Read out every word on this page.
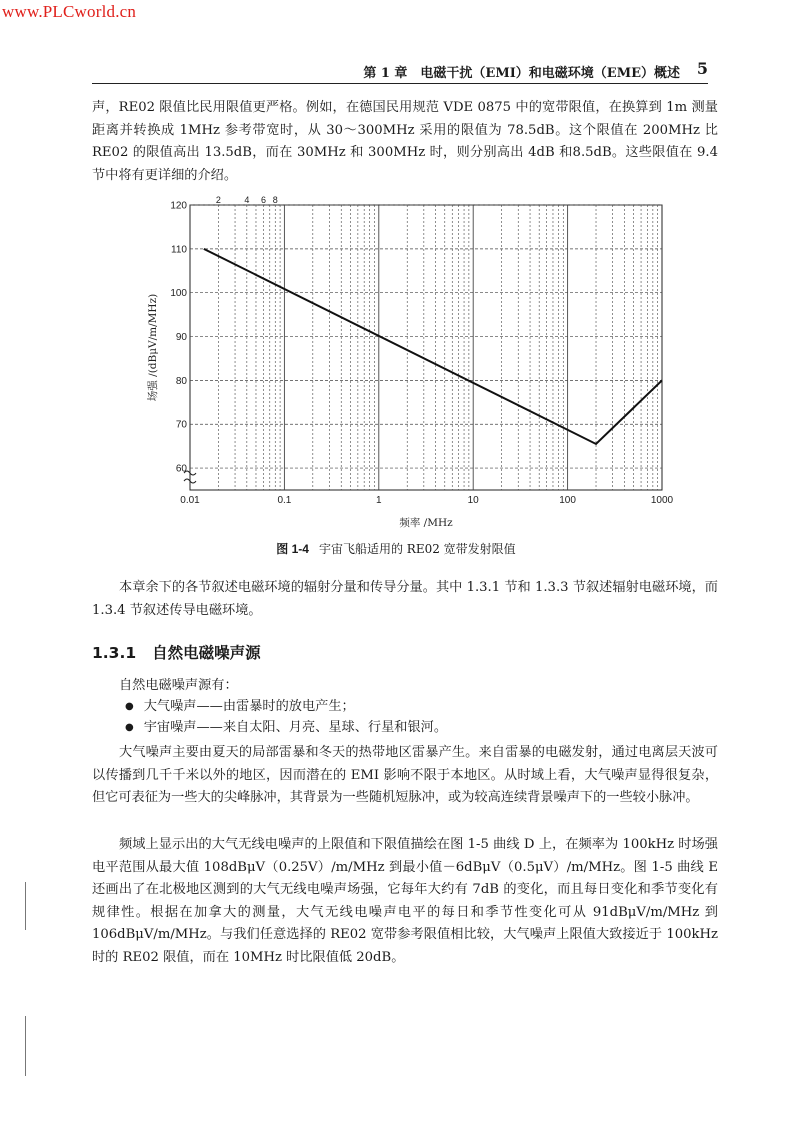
www.PLCworld.cn
第 1 章　电磁干扰（EMI）和电磁环境（EME）概述 5

声，RE02 限值比民用限值更严格。例如，在德国民用规范 VDE 0875 中的宽带限值，在换算到 1m 测量距离并转换成 1MHz 参考带宽时，从 30～300MHz 采用的限值为 78.5dB。这个限值在 200MHz 比 RE02 的限值高出 13.5dB，而在 30MHz 和 300MHz 时，则分别高出 4dB 和8.5dB。这些限值在 9.4 节中将有更详细的介绍。

60
70
80
90
100
110
120
0.01	0.1	1	10	100	1000
2	4 6 8
频率 /MHz
场强 /(dBμV/m/MHz)
图 1-4 宇宙飞船适用的 RE02 宽带发射限值

本章余下的各节叙述电磁环境的辐射分量和传导分量。其中 1.3.1 节和 1.3.3 节叙述辐射电磁环境，而 1.3.4 节叙述传导电磁环境。

1.3.1 自然电磁噪声源

自然电磁噪声源有：

● 大气噪声——由雷暴时的放电产生；
● 宇宙噪声——来自太阳、月亮、星球、行星和银河。

大气噪声主要由夏天的局部雷暴和冬天的热带地区雷暴产生。来自雷暴的电磁发射，通过电离层天波可以传播到几千千米以外的地区，因而潜在的 EMI 影响不限于本地区。从时域上看，大气噪声显得很复杂，但它可表征为一些大的尖峰脉冲，其背景为一些随机短脉冲，或为较高连续背景噪声下的一些较小脉冲。

频域上显示出的大气无线电噪声的上限值和下限值描绘在图 1-5 曲线 D 上，在频率为 100kHz 时场强电平范围从最大值 108dBμV（0.25V）/m/MHz 到最小值－6dBμV（0.5μV）/m/MHz。图 1-5 曲线 E 还画出了在北极地区测到的大气无线电噪声场强，它每年大约有 7dB 的变化，而且每日变化和季节变化有规律性。根据在加拿大的测量，大气无线电噪声电平的每日和季节性变化可从 91dBμV/m/MHz 到 106dBμV/m/MHz。与我们任意选择的 RE02 宽带参考限值相比较，大气噪声上限值大致接近于 100kHz 时的 RE02 限值，而在 10MHz 时比限值低 20dB。
